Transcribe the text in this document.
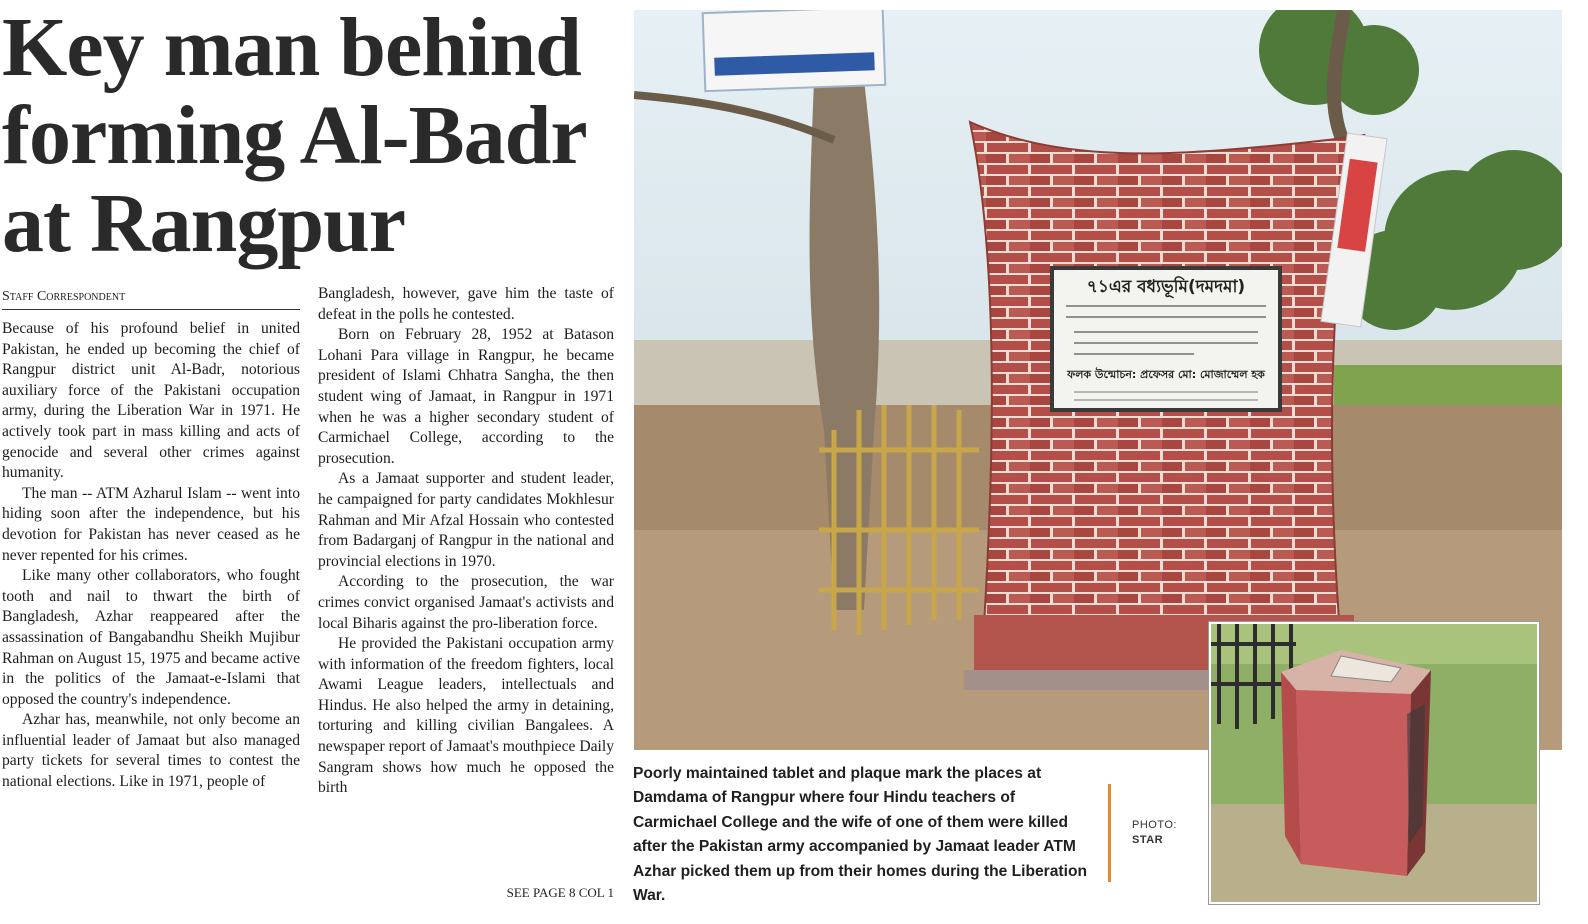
Key man behind
forming Al-Badr
at Rangpur
Staff Correspondent

Because of his profound belief in united Pakistan, he ended up becoming the chief of Rangpur district unit Al-Badr, notorious auxiliary force of the Pakistani occupation army, during the Liberation War in 1971. He actively took part in mass killing and acts of genocide and several other crimes against humanity.

The man -- ATM Azharul Islam -- went into hiding soon after the independence, but his devotion for Pakistan has never ceased as he never repented for his crimes.

Like many other collaborators, who fought tooth and nail to thwart the birth of Bangladesh, Azhar reappeared after the assassination of Bangabandhu Sheikh Mujibur Rahman on August 15, 1975 and became active in the politics of the Jamaat-e-Islami that opposed the country's independence.

Azhar has, meanwhile, not only become an influential leader of Jamaat but also managed party tickets for several times to contest the national elections. Like in 1971, people of

Bangladesh, however, gave him the taste of defeat in the polls he contested.

Born on February 28, 1952 at Batason Lohani Para village in Rangpur, he became president of Islami Chhatra Sangha, the then student wing of Jamaat, in Rangpur in 1971 when he was a higher secondary student of Carmichael College, according to the prosecution.

As a Jamaat supporter and student leader, he campaigned for party candidates Mokhlesur Rahman and Mir Afzal Hossain who contested from Badarganj of Rangpur in the national and provincial elections in 1970.

According to the prosecution, the war crimes convict organised Jamaat's activists and local Biharis against the pro-liberation force.

He provided the Pakistani occupation army with information of the freedom fighters, local Awami League leaders, intellectuals and Hindus. He also helped the army in detaining, torturing and killing civilian Bangalees. A newspaper report of Jamaat's mouthpiece Daily Sangram shows how much he opposed the birth

SEE PAGE 8 COL 1
৭১এর বধ্যভূমি(দমদমা)
ফলক উন্মোচন: প্রফেসর মো: মোজাম্মেল হক
Poorly maintained tablet and plaque mark the places at Damdama of Rangpur where four Hindu teachers of Carmichael College and the wife of one of them were killed after the Pakistan army accompanied by Jamaat leader ATM Azhar picked them up from their homes during the Liberation War.
PHOTO:
STAR
